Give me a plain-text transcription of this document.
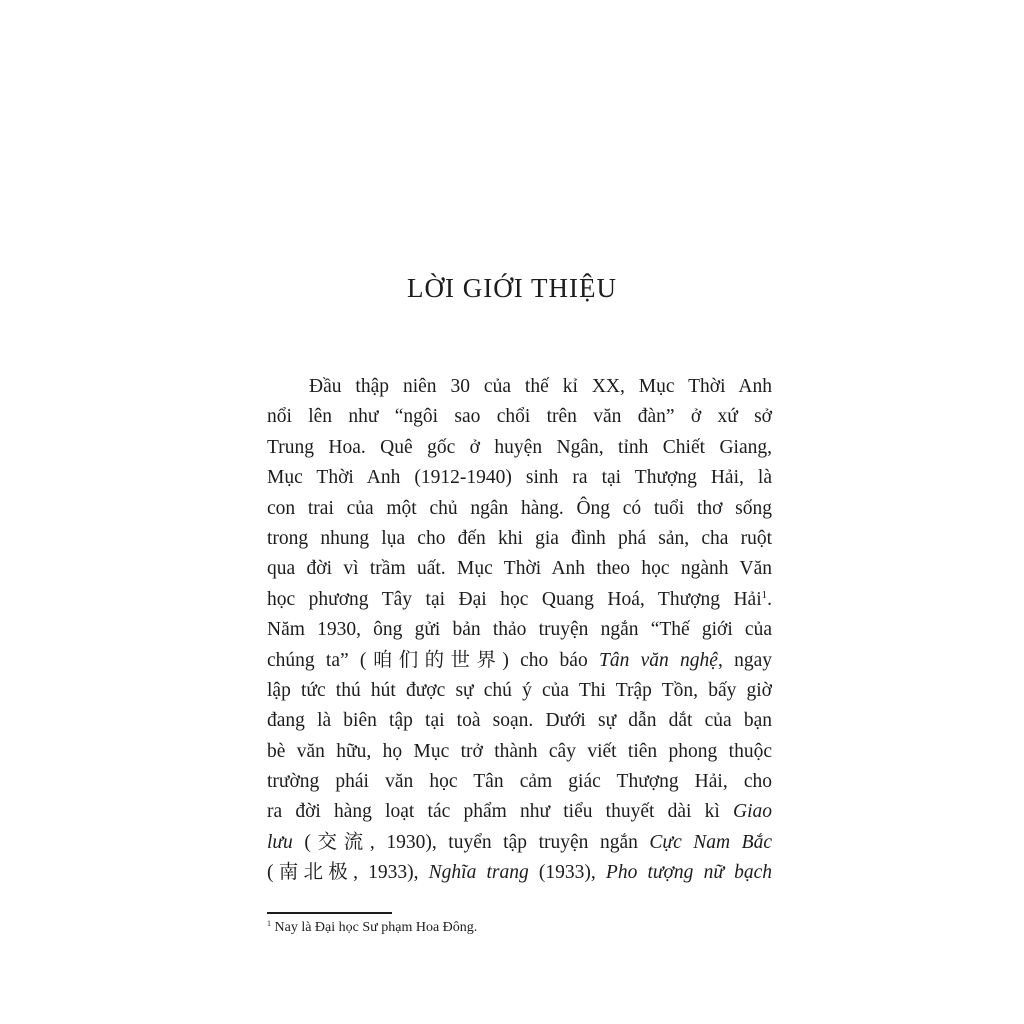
LỜI GIỚI THIỆU
Đầu thập niên 30 của thế kỉ XX, Mục Thời Anh
nổi lên như “ngôi sao chổi trên văn đàn” ở xứ sở
Trung Hoa. Quê gốc ở huyện Ngân, tỉnh Chiết Giang,
Mục Thời Anh (1912-1940) sinh ra tại Thượng Hải, là
con trai của một chủ ngân hàng. Ông có tuổi thơ sống
trong nhung lụa cho đến khi gia đình phá sản, cha ruột
qua đời vì trầm uất. Mục Thời Anh theo học ngành Văn
học phương Tây tại Đại học Quang Hoá, Thượng Hải$^1$.
Năm 1930, ông gửi bản thảo truyện ngắn “Thế giới của
chúng ta” (咱们的世界) cho báo Tân văn nghệ, ngay
lập tức thú hút được sự chú ý của Thi Trập Tồn, bấy giờ
đang là biên tập tại toà soạn. Dưới sự dẫn dắt của bạn
bè văn hữu, họ Mục trở thành cây viết tiên phong thuộc
trường phái văn học Tân cảm giác Thượng Hải, cho
ra đời hàng loạt tác phẩm như tiểu thuyết dài kì Giao
lưu (交流, 1930), tuyển tập truyện ngắn Cực Nam Bắc
(南北极, 1933), Nghĩa trang (1933), Pho tượng nữ bạch
$^1$ Nay là Đại học Sư phạm Hoa Đông.
